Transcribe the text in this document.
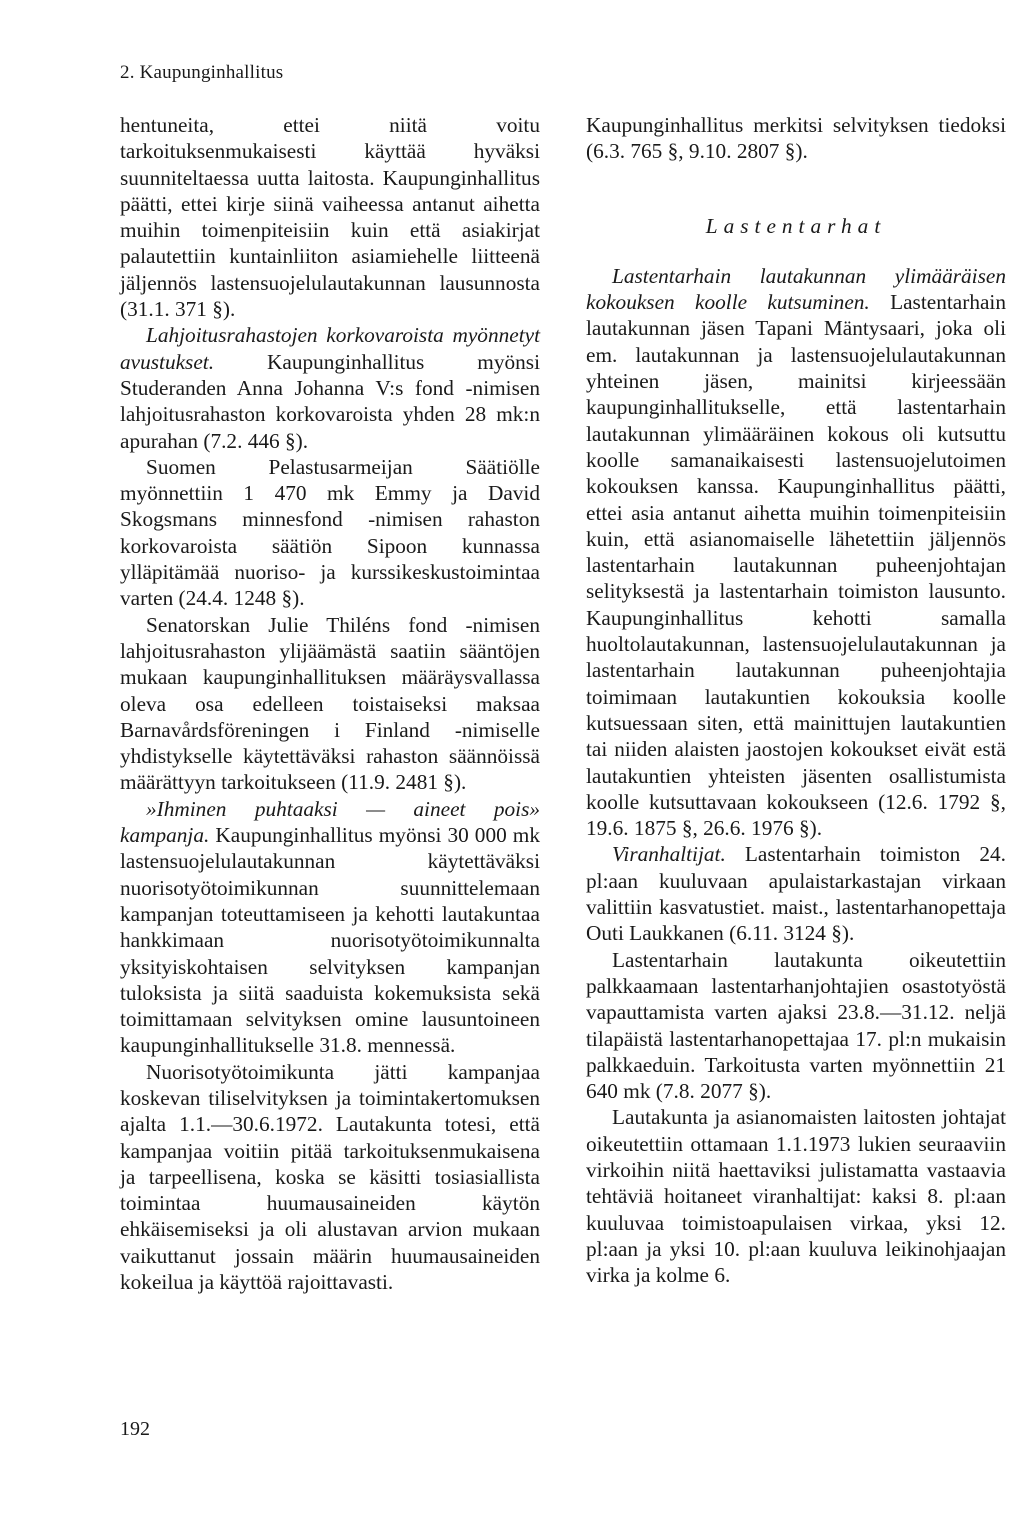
2. Kaupunginhallitus

hentuneita, ettei niitä voitu tarkoituksenmukaisesti käyttää hyväksi suunniteltaessa uutta laitosta. Kaupunginhallitus päätti, ettei kirje siinä vaiheessa antanut aihetta muihin toimenpiteisiin kuin että asiakirjat palautettiin kuntainliiton asiamiehelle liitteenä jäljennös lastensuojelulautakunnan lausunnosta (31.1. 371 §).

Lahjoitusrahastojen korkovaroista myönnetyt avustukset. Kaupunginhallitus myönsi Studeranden Anna Johanna V:s fond -nimisen lahjoitusrahaston korkovaroista yhden 28 mk:n apurahan (7.2. 446 §).

Suomen Pelastusarmeijan Säätiölle myönnettiin 1 470 mk Emmy ja David Skogsmans minnesfond -nimisen rahaston korkovaroista säätiön Sipoon kunnassa ylläpitämää nuoriso- ja kurssikeskustoimintaa varten (24.4. 1248 §).

Senatorskan Julie Thiléns fond -nimisen lahjoitusrahaston ylijäämästä saatiin sääntöjen mukaan kaupunginhallituksen määräysvallassa oleva osa edelleen toistaiseksi maksaa Barnavårdsföreningen i Finland -nimiselle yhdistykselle käytettäväksi rahaston säännöissä määrättyyn tarkoitukseen (11.9. 2481 §).

»Ihminen puhtaaksi — aineet pois» kampanja. Kaupunginhallitus myönsi 30 000 mk lastensuojelulautakunnan käytettäväksi nuorisotyötoimikunnan suunnittelemaan kampanjan toteuttamiseen ja kehotti lautakuntaa hankkimaan nuorisotyötoimikunnalta yksityiskohtaisen selvityksen kampanjan tuloksista ja siitä saaduista kokemuksista sekä toimittamaan selvityksen omine lausuntoineen kaupunginhallitukselle 31.8. mennessä.

Nuorisotyötoimikunta jätti kampanjaa koskevan tiliselvityksen ja toimintakertomuksen ajalta 1.1.—30.6.1972. Lautakunta totesi, että kampanjaa voitiin pitää tarkoituksenmukaisena ja tarpeellisena, koska se käsitti tosiasiallista toimintaa huumausaineiden käytön ehkäisemiseksi ja oli alustavan arvion mukaan vaikuttanut jossain määrin huumausaineiden kokeilua ja käyttöä rajoittavasti.

Kaupunginhallitus merkitsi selvityksen tiedoksi (6.3. 765 §, 9.10. 2807 §).

Lastentarhat

Lastentarhain lautakunnan ylimääräisen kokouksen koolle kutsuminen. Lastentarhain lautakunnan jäsen Tapani Mäntysaari, joka oli em. lautakunnan ja lastensuojelulautakunnan yhteinen jäsen, mainitsi kirjeessään kaupunginhallitukselle, että lastentarhain lautakunnan ylimääräinen kokous oli kutsuttu koolle samanaikaisesti lastensuojelutoimen kokouksen kanssa. Kaupunginhallitus päätti, ettei asia antanut aihetta muihin toimenpiteisiin kuin, että asianomaiselle lähetettiin jäljennös lastentarhain lautakunnan puheenjohtajan selityksestä ja lastentarhain toimiston lausunto. Kaupunginhallitus kehotti samalla huoltolautakunnan, lastensuojelulautakunnan ja lastentarhain lautakunnan puheenjohtajia toimimaan lautakuntien kokouksia koolle kutsuessaan siten, että mainittujen lautakuntien tai niiden alaisten jaostojen kokoukset eivät estä lautakuntien yhteisten jäsenten osallistumista koolle kutsuttavaan kokoukseen (12.6. 1792 §, 19.6. 1875 §, 26.6. 1976 §).

Viranhaltijat. Lastentarhain toimiston 24. pl:aan kuuluvaan apulaistarkastajan virkaan valittiin kasvatustiet. maist., lastentarhanopettaja Outi Laukkanen (6.11. 3124 §).

Lastentarhain lautakunta oikeutettiin palkkaamaan lastentarhanjohtajien osastotyöstä vapauttamista varten ajaksi 23.8.—31.12. neljä tilapäistä lastentarhanopettajaa 17. pl:n mukaisin palkkaeduin. Tarkoitusta varten myönnettiin 21 640 mk (7.8. 2077 §).

Lautakunta ja asianomaisten laitosten johtajat oikeutettiin ottamaan 1.1.1973 lukien seuraaviin virkoihin niitä haettaviksi julistamatta vastaavia tehtäviä hoitaneet viranhaltijat: kaksi 8. pl:aan kuuluvaa toimistoapulaisen virkaa, yksi 12. pl:aan ja yksi 10. pl:aan kuuluva leikinohjaajan virka ja kolme 6.

192
